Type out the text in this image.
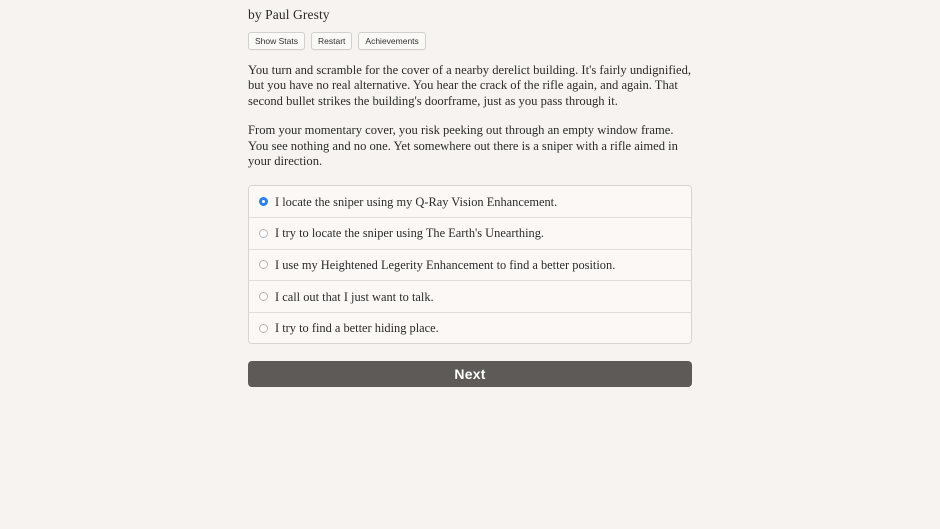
by Paul Gresty
Show Stats	Restart	Achievements

You turn and scramble for the cover of a nearby derelict building. It's fairly undignified, but you have no real alternative. You hear the crack of the rifle again, and again. That second bullet strikes the building's doorframe, just as you pass through it.

From your momentary cover, you risk peeking out through an empty window frame. You see nothing and no one. Yet somewhere out there is a sniper with a rifle aimed in your direction.

I locate the sniper using my Q-Ray Vision Enhancement.
I try to locate the sniper using The Earth's Unearthing.
I use my Heightened Legerity Enhancement to find a better position.
I call out that I just want to talk.
I try to find a better hiding place.
Next
